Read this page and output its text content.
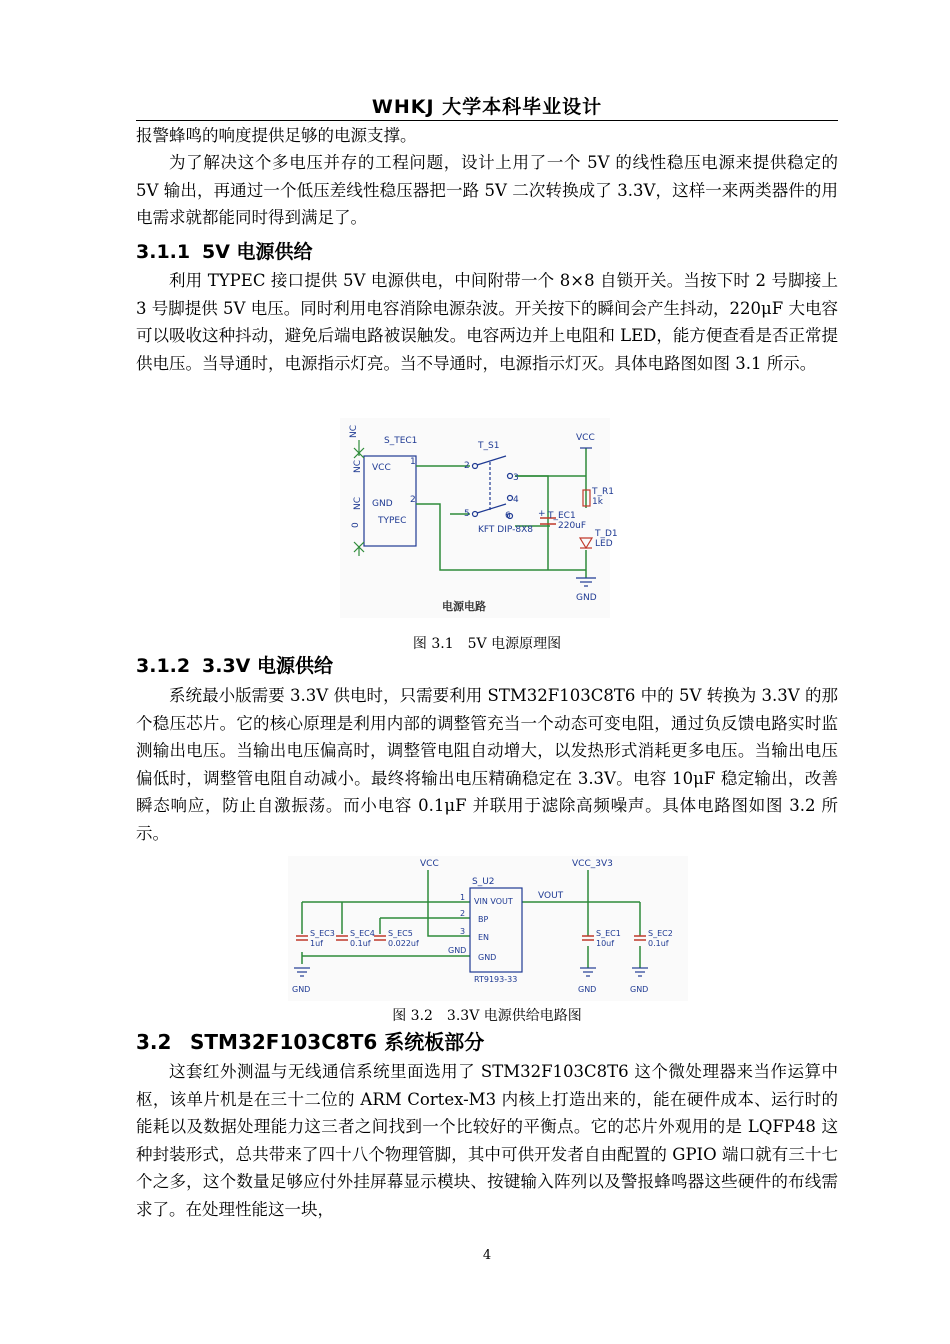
WHKJ 大学本科毕业设计

报警蜂鸣的响度提供足够的电源支撑。

为了解决这个多电压并存的工程问题，设计上用了一个 5V 的线性稳压电源来提供稳定的 5V 输出，再通过一个低压差线性稳压器把一路 5V 二次转换成了 3.3V，这样一来两类器件的用电需求就都能同时得到满足了。

3.1.1 5V 电源供给

利用 TYPEC 接口提供 5V 电源供电，中间附带一个 8×8 自锁开关。当按下时 2 号脚接上 3 号脚提供 5V 电压。同时利用电容消除电源杂波。开关按下的瞬间会产生抖动，220μF 大电容可以吸收这种抖动，避免后端电路被误触发。电容两边并上电阻和 LED，能方便查看是否正常提供电压。当导通时，电源指示灯亮。当不导通时，电源指示灯灭。具体电路图如图 3.1 所示。

NC
S_TEC1
NC VCC
NC GND
0 TYPEC
1
2
T_S1
2
3
4
5	6
KFT DIP-8X8
VCC
T_R1
1k
+ T_EC1
220uF
T_D1
LED
GND
电源电路

图 3.1　5V 电源原理图

3.1.2 3.3V 电源供给

系统最小版需要 3.3V 供电时，只需要利用 STM32F103C8T6 中的 5V 转换为 3.3V 的那个稳压芯片。它的核心原理是利用内部的调整管充当一个动态可变电阻，通过负反馈电路实时监测输出电压。当输出电压偏高时，调整管电阻自动增大，以发热形式消耗更多电压。当输出电压偏低时，调整管电阻自动减小。最终将输出电压精确稳定在 3.3V。电容 10μF 稳定输出，改善瞬态响应，防止自激振荡。而小电容 0.1μF 并联用于滤除高频噪声。具体电路图如图 3.2 所示。

VCC
S_U2
VCC_3V3
VOUT
VIN VOUT
BP
EN
GND
1
2
3
RT9193-33
GND
S_EC3
1uf
S_EC4
0.1uf
S_EC5
0.022uf
S_EC1
10uf
S_EC2
0.1uf
GND	GND	GND

图 3.2　3.3V 电源供给电路图

3.2 STM32F103C8T6 系统板部分

这套红外测温与无线通信系统里面选用了 STM32F103C8T6 这个微处理器来当作运算中枢，该单片机是在三十二位的 ARM Cortex-M3 内核上打造出来的，能在硬件成本、运行时的能耗以及数据处理能力这三者之间找到一个比较好的平衡点。它的芯片外观用的是 LQFP48 这种封装形式，总共带来了四十八个物理管脚，其中可供开发者自由配置的 GPIO 端口就有三十七个之多，这个数量足够应付外挂屏幕显示模块、按键输入阵列以及警报蜂鸣器这些硬件的布线需求了。在处理性能这一块，

4
